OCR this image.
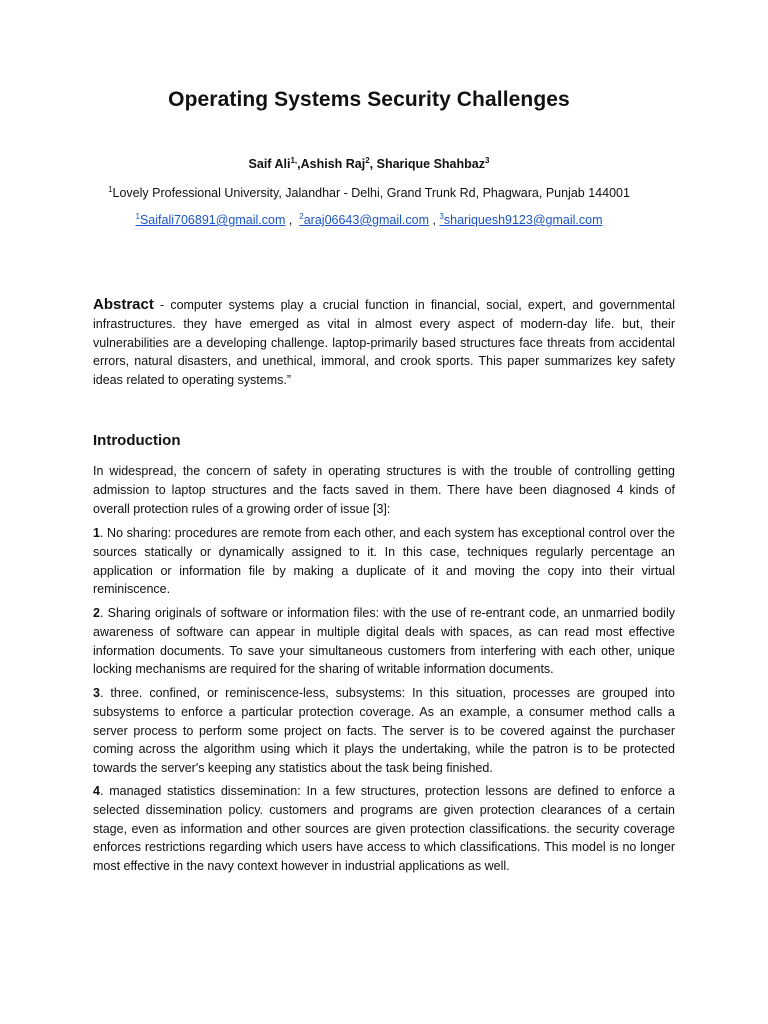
Operating Systems Security Challenges
Saif Ali$^{1,}$,Ashish Raj$^2$, Sharique Shahbaz$^3$
$^1$Lovely Professional University, Jalandhar - Delhi, Grand Trunk Rd, Phagwara, Punjab 144001
$^1$Saifali706891@gmail.com ,  $^2$araj06643@gmail.com , $^3$shariquesh9123@gmail.com
Abstract - computer systems play a crucial function in financial, social, expert, and governmental infrastructures. they have emerged as vital in almost every aspect of modern-day life. but, their vulnerabilities are a developing challenge. laptop-primarily based structures face threats from accidental errors, natural disasters, and unethical, immoral, and crook sports. This paper summarizes key safety ideas related to operating systems.”
Introduction
In widespread, the concern of safety in operating structures is with the trouble of controlling getting admission to laptop structures and the facts saved in them. There have been diagnosed 4 kinds of overall protection rules of a growing order of issue [3]:
1. No sharing: procedures are remote from each other, and each system has exceptional control over the sources statically or dynamically assigned to it. In this case, techniques regularly percentage an application or information file by making a duplicate of it and moving the copy into their virtual reminiscence.
2. Sharing originals of software or information files: with the use of re-entrant code, an unmarried bodily awareness of software can appear in multiple digital deals with spaces, as can read most effective information documents. To save your simultaneous customers from interfering with each other, unique locking mechanisms are required for the sharing of writable information documents.
3. three. confined, or reminiscence-less, subsystems: In this situation, processes are grouped into subsystems to enforce a particular protection coverage. As an example, a consumer method calls a server process to perform some project on facts. The server is to be covered against the purchaser coming across the algorithm using which it plays the undertaking, while the patron is to be protected towards the server's keeping any statistics about the task being finished.
4. managed statistics dissemination: In a few structures, protection lessons are defined to enforce a selected dissemination policy. customers and programs are given protection clearances of a certain stage, even as information and other sources are given protection classifications. the security coverage enforces restrictions regarding which users have access to which classifications. This model is no longer most effective in the navy context however in industrial applications as well.
